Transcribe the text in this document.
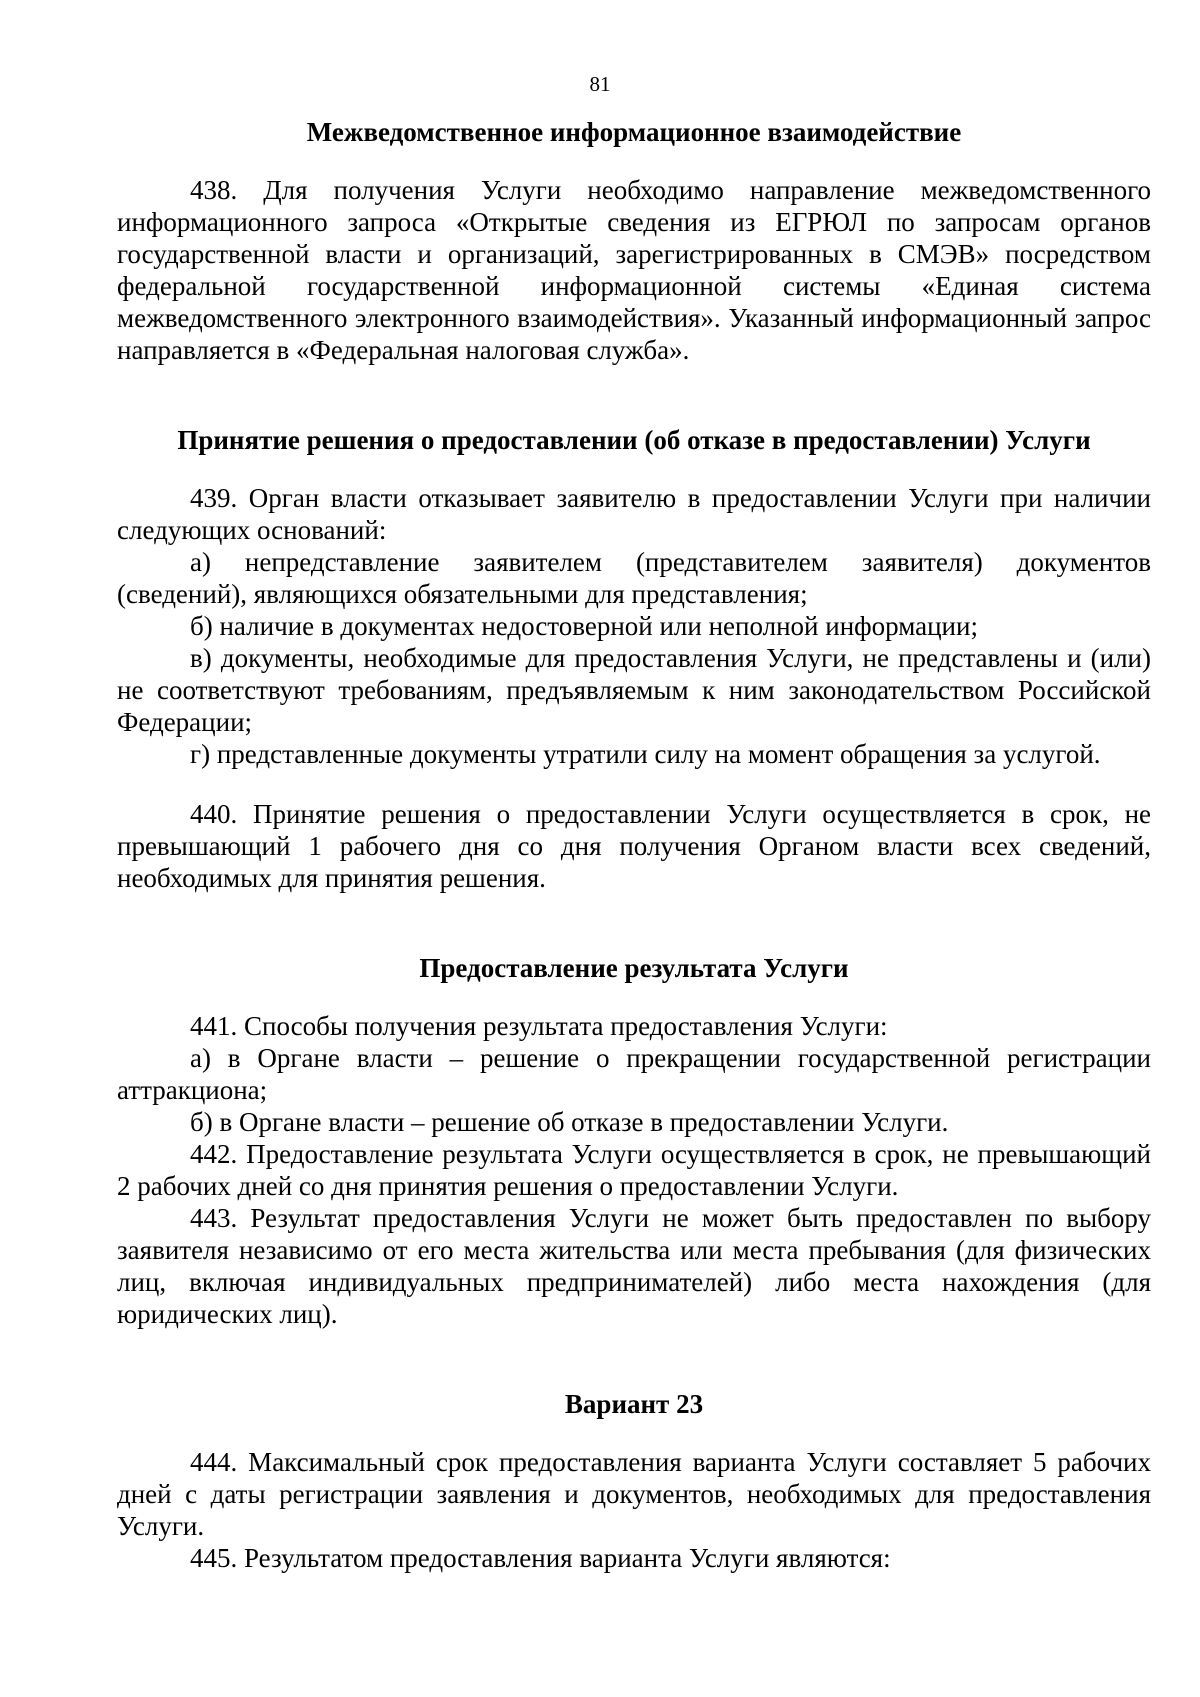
81
Межведомственное информационное взаимодействие

438. Для получения Услуги необходимо направление межведомственного информационного запроса «Открытые сведения из ЕГРЮЛ по запросам органов государственной власти и организаций, зарегистрированных в СМЭВ» посредством федеральной государственной информационной системы «Единая система межведомственного электронного взаимодействия». Указанный информационный запрос направляется в «Федеральная налоговая служба».

Принятие решения о предоставлении (об отказе в предоставлении) Услуги

439. Орган власти отказывает заявителю в предоставлении Услуги при наличии следующих оснований:

а) непредставление заявителем (представителем заявителя) документов (сведений), являющихся обязательными для представления;

б) наличие в документах недостоверной или неполной информации;

в) документы, необходимые для предоставления Услуги, не представлены и (или) не соответствуют требованиям, предъявляемым к ним законодательством Российской Федерации;

г) представленные документы утратили силу на момент обращения за услугой.

440. Принятие решения о предоставлении Услуги осуществляется в срок, не превышающий 1 рабочего дня со дня получения Органом власти всех сведений, необходимых для принятия решения.

Предоставление результата Услуги

441. Способы получения результата предоставления Услуги:

а) в Органе власти – решение о прекращении государственной регистрации аттракциона;

б) в Органе власти – решение об отказе в предоставлении Услуги.

442. Предоставление результата Услуги осуществляется в срок, не превышающий 2 рабочих дней со дня принятия решения о предоставлении Услуги.

443. Результат предоставления Услуги не может быть предоставлен по выбору заявителя независимо от его места жительства или места пребывания (для физических лиц, включая индивидуальных предпринимателей) либо места нахождения (для юридических лиц).

Вариант 23

444. Максимальный срок предоставления варианта Услуги составляет 5 рабочих дней с даты регистрации заявления и документов, необходимых для предоставления Услуги.

445. Результатом предоставления варианта Услуги являются:
